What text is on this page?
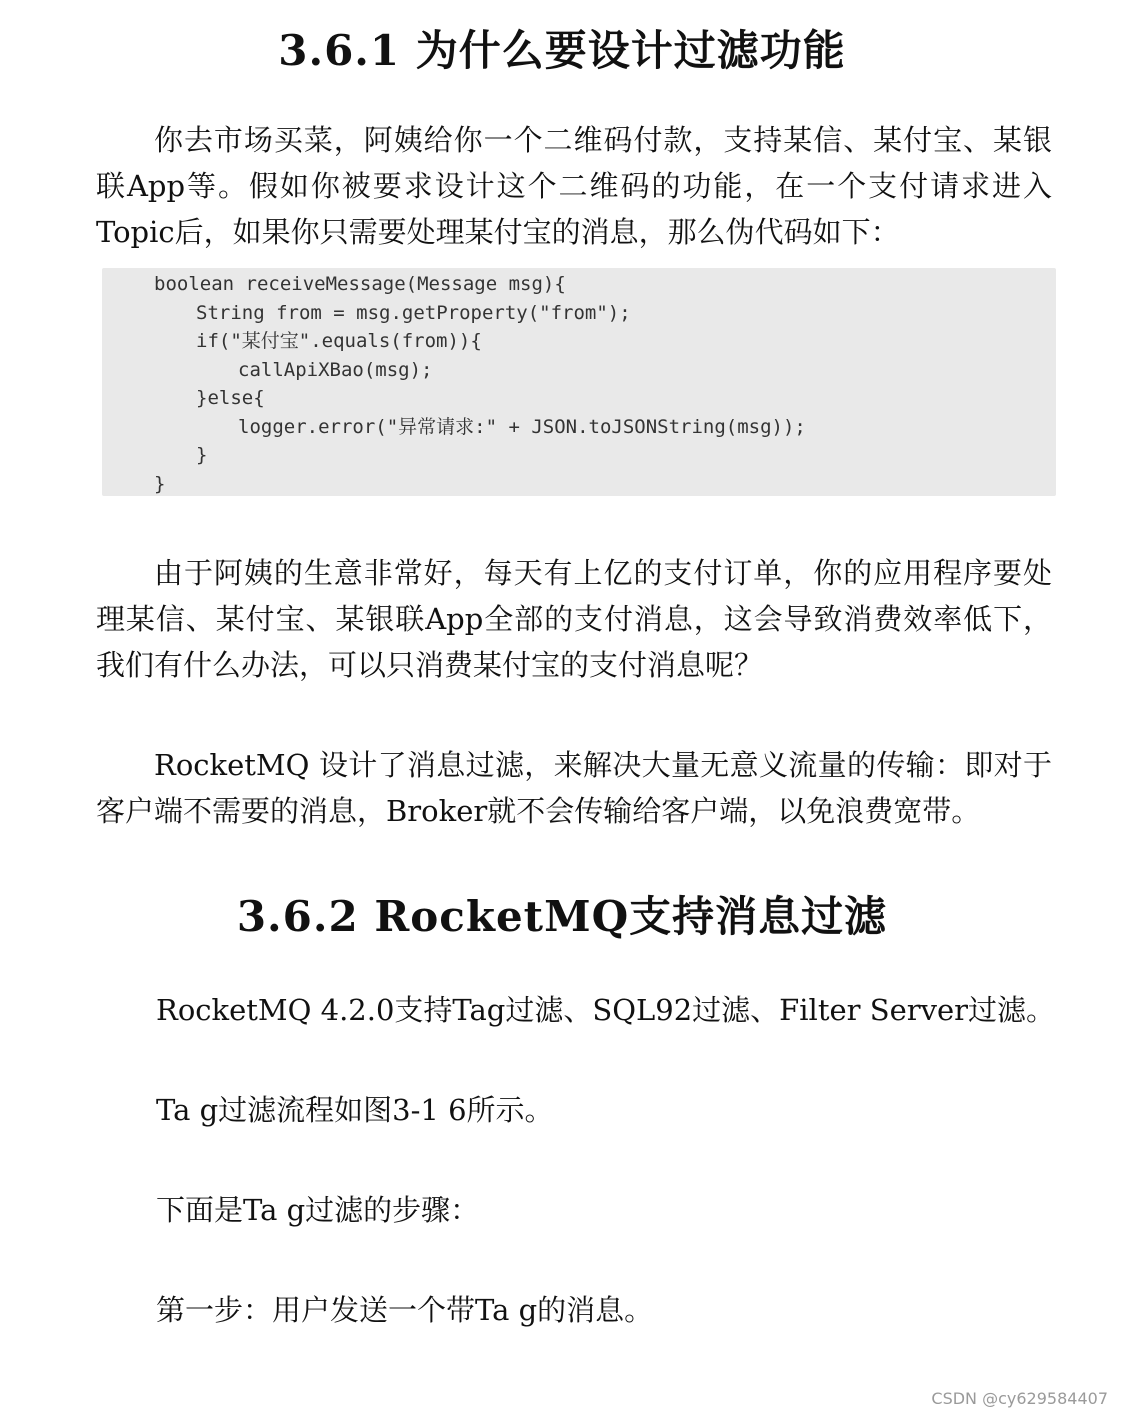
3.6.1 为什么要设计过滤功能

你去市场买菜，阿姨给你一个二维码付款，支持某信、某付宝、某银联App等。假如你被要求设计这个二维码的功能，在一个支付请求进入Topic后，如果你只需要处理某付宝的消息，那么伪代码如下：

boolean receiveMessage(Message msg){
String from = msg.getProperty("from");
if("某付宝".equals(from)){
callApiXBao(msg);
}else{
logger.error("异常请求:" + JSON.toJSONString(msg));
}
}

由于阿姨的生意非常好，每天有上亿的支付订单，你的应用程序要处理某信、某付宝、某银联App全部的支付消息，这会导致消费效率低下，我们有什么办法，可以只消费某付宝的支付消息呢？

RocketMQ 设计了消息过滤，来解决大量无意义流量的传输：即对于客户端不需要的消息，Broker就不会传输给客户端，以免浪费宽带。

3.6.2 RocketMQ支持消息过滤

RocketMQ 4.2.0支持Tag过滤、SQL92过滤、Filter Server过滤。

Ta g过滤流程如图3-1 6所示。

下面是Ta g过滤的步骤：

第一步：用户发送一个带Ta g的消息。

CSDN @cy629584407
